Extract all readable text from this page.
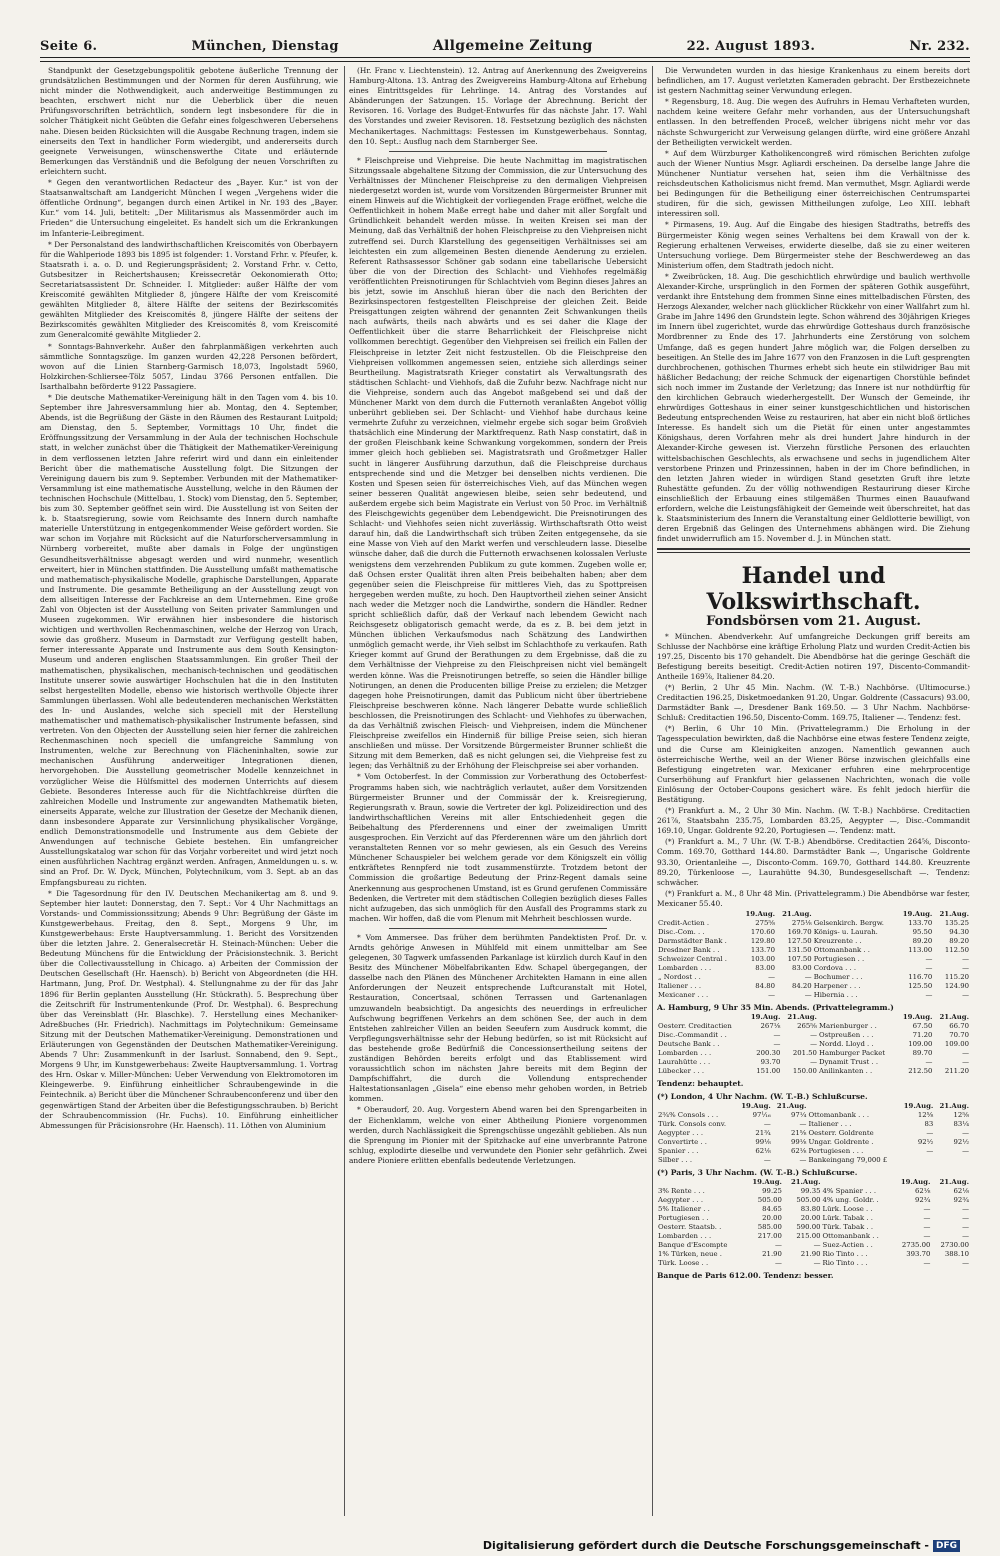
Seite 6.	München, Dienstag	Allgemeine Zeitung	22. August 1893.	Nr. 232.

Standpunkt der Gesetzgebungspolitik gebotene äußerliche Trennung der grundsätzlichen Bestimmungen und der Normen für deren Ausführung, wie nicht minder die Nothwendigkeit, auch anderweitige Bestimmungen zu beachten, erschwert nicht nur die Ueberblick über die neuen Prüfungsvorschriften beträchtlich, sondern legt insbesondere für die in solcher Thätigkeit nicht Geübten die Gefahr eines folgeschweren Uebersehens nahe. Diesen beiden Rücksichten will die Ausgabe Rechnung tragen, indem sie einerseits den Text in handlicher Form wiedergibt, und andererseits durch geeignete Verweisungen, wünschenswerthe Citate und erläuternde Bemerkungen das Verständniß und die Befolgung der neuen Vorschriften zu erleichtern sucht.

* Gegen den verantwortlichen Redacteur des „Bayer. Kur.“ ist von der Staatsanwaltschaft am Landgericht München I wegen „Vergehens wider die öffentliche Ordnung“, begangen durch einen Artikel in Nr. 193 des „Bayer. Kur.“ vom 14. Juli, betitelt: „Der Militarismus als Massenmörder auch im Frieden“ die Untersuchung eingeleitet. Es handelt sich um die Erkrankungen im Infanterie-Leibregiment.

* Der Personalstand des landwirthschaftlichen Kreiscomités von Oberbayern für die Wahlperiode 1893 bis 1895 ist folgender: 1. Vorstand Frhr. v. Pfeufer, k. Staatsrath i. a. o. D. und Regierungspräsident; 2. Vorstand Frhr. v. Cetto, Gutsbesitzer in Reichertshausen; Kreissecretär Oekonomierath Otto; Secretariatsassistent Dr. Schneider. I. Mitglieder: außer Hälfte der vom Kreiscomité gewählten Mitglieder 8, jüngere Hälfte der vom Kreiscomité gewählten Mitglieder 8, ältere Hälfte der seitens der Bezirkscomités gewählten Mitglieder des Kreiscomités 8, jüngere Hälfte der seitens der Bezirkscomités gewählten Mitglieder des Kreiscomités 8, vom Kreiscomité zum Generalcomité gewählte Mitglieder 2.

* Sonntags-Bahnverkehr. Außer den fahrplanmäßigen verkehrten auch sämmtliche Sonntagszüge. Im ganzen wurden 42,228 Personen befördert, wovon auf die Linien Starnberg-Garmisch 18,073, Ingolstadt 5960, Holzkirchen-Schliersee-Tölz 5057, Lindau 3766 Personen entfallen. Die Isarthalbahn beförderte 9122 Passagiere.

* Die deutsche Mathematiker-Vereinigung hält in den Tagen vom 4. bis 10. September ihre Jahresversammlung hier ab. Montag, den 4. September, Abends, ist die Begrüßung der Gäste in den Räumen des Restaurant Luitpold; am Dienstag, den 5. September, Vormittags 10 Uhr, findet die Eröffnungssitzung der Versammlung in der Aula der technischen Hochschule statt, in welcher zunächst über die Thätigkeit der Mathematiker-Vereinigung in dem verflossenen letzten Jahre referirt wird und dann ein einleitender Bericht über die mathematische Ausstellung folgt. Die Sitzungen der Vereinigung dauern bis zum 9. September. Verbunden mit der Mathematiker-Versammlung ist eine mathematische Ausstellung, welche in den Räumen der technischen Hochschule (Mittelbau, 1. Stock) vom Dienstag, den 5. September, bis zum 30. September geöffnet sein wird. Die Ausstellung ist von Seiten der k. b. Staatsregierung, sowie vom Reichsamte des Innern durch namhafte materielle Unterstützung in entgegenkommender Weise gefördert worden. Sie war schon im Vorjahre mit Rücksicht auf die Naturforscherversammlung in Nürnberg vorbereitet, mußte aber damals in Folge der ungünstigen Gesundheitsverhältnisse abgesagt werden und wird nunmehr, wesentlich erweitert, hier in München stattfinden. Die Ausstellung umfaßt mathematische und mathematisch-physikalische Modelle, graphische Darstellungen, Apparate und Instrumente. Die gesammte Betheiligung an der Ausstellung zeugt von dem allseitigen Interesse der Fachkreise an dem Unternehmen. Eine große Zahl von Objecten ist der Ausstellung von Seiten privater Sammlungen und Museen zugekommen. Wir erwähnen hier insbesondere die historisch wichtigen und werthvollen Rechenmaschinen, welche der Herzog von Urach, sowie das großherz. Museum in Darmstadt zur Verfügung gestellt haben, ferner interessante Apparate und Instrumente aus dem South Kensington-Museum und anderen englischen Staatssammlungen. Ein großer Theil der mathematischen, physikalischen, mechanisch-technischen und geodätischen Institute unserer sowie auswärtiger Hochschulen hat die in den Instituten selbst hergestellten Modelle, ebenso wie historisch werthvolle Objecte ihrer Sammlungen überlassen. Wohl alle bedeutenderen mechanischen Werkstätten des In- und Auslandes, welche sich speciell mit der Herstellung mathematischer und mathematisch-physikalischer Instrumente befassen, sind vertreten. Von den Objecten der Ausstellung seien hier ferner die zahlreichen Rechenmaschinen noch speciell die umfangreiche Sammlung von Instrumenten, welche zur Berechnung von Flächeninhalten, sowie zur mechanischen Ausführung anderweitiger Integrationen dienen, hervorgehoben. Die Ausstellung geometrischer Modelle kennzeichnet in vorzüglicher Weise die Hülfsmittel des modernen Unterrichts auf diesem Gebiete. Besonderes Interesse auch für die Nichtfachkreise dürften die zahlreichen Modelle und Instrumente zur angewandten Mathematik bieten, einerseits Apparate, welche zur Illustration der Gesetze der Mechanik dienen, dann insbesondere Apparate zur Versinnlichung physikalischer Vorgänge, endlich Demonstrationsmodelle und Instrumente aus dem Gebiete der Anwendungen auf technische Gebiete bestehen. Ein umfangreicher Ausstellungskatalog war schon für das Vorjahr vorbereitet und wird jetzt noch einen ausführlichen Nachtrag ergänzt werden. Anfragen, Anmeldungen u. s. w. sind an Prof. Dr. W. Dyck, München, Polytechnikum, vom 3. Sept. ab an das Empfangsbureau zu richten.

* Die Tagesordnung für den IV. Deutschen Mechanikertag am 8. und 9. September hier lautet: Donnerstag, den 7. Sept.: Vor 4 Uhr Nachmittags an Vorstands- und Commissionssitzung; Abends 9 Uhr: Begrüßung der Gäste im Kunstgewerbehaus. Freitag, den 8. Sept., Morgens 9 Uhr, im Kunstgewerbehaus: Erste Hauptversammlung. 1. Bericht des Vorsitzenden über die letzten Jahre. 2. Generalsecretär H. Steinach-München: Ueber die Bedeutung Münchens für die Entwicklung der Präcisionstechnik. 3. Bericht über die Collectivausstellung in Chicago. a) Arbeiten der Commission der Deutschen Gesellschaft (Hr. Haensch). b) Bericht von Abgeordneten (die HH. Hartmann, Jung, Prof. Dr. Westphal). 4. Stellungnahme zu der für das Jahr 1896 für Berlin geplanten Ausstellung (Hr. Stückrath). 5. Besprechung über die Zeitschrift für Instrumentenkunde (Prof. Dr. Westphal). 6. Besprechung über das Vereinsblatt (Hr. Blaschke). 7. Herstellung eines Mechaniker-Adreßbuches (Hr. Friedrich). Nachmittags im Polytechnikum: Gemeinsame Sitzung mit der Deutschen Mathematiker-Vereinigung. Demonstrationen und Erläuterungen von Gegenständen der Deutschen Mathematiker-Vereinigung. Abends 7 Uhr: Zusammenkunft in der Isarlust. Sonnabend, den 9. Sept., Morgens 9 Uhr, im Kunstgewerbehaus: Zweite Hauptversammlung. 1. Vortrag des Hrn. Oskar v. Miller-München: Ueber Verwendung von Elektromotoren im Kleingewerbe. 9. Einführung einheitlicher Schraubengewinde in die Feintechnik. a) Bericht über die Münchener Schraubenconferenz und über den gegenwärtigen Stand der Arbeiten über die Befestigungsschrauben. b) Bericht der Schraubencommission (Hr. Fuchs). 10. Einführung einheitlicher Abmessungen für Präcisionsrohre (Hr. Haensch). 11. Löthen von Aluminium

(Hr. Franc v. Liechtenstein). 12. Antrag auf Anerkennung des Zweigvereins Hamburg-Altona. 13. Antrag des Zweigvereins Hamburg-Altona auf Erhebung eines Eintrittsgeldes für Lehrlinge. 14. Antrag des Vorstandes auf Abänderungen der Satzungen. 15. Vorlage der Abrechnung. Bericht der Revisoren. 16. Vorlage des Budget-Entwurfes für das nächste Jahr. 17. Wahl des Vorstandes und zweier Revisoren. 18. Festsetzung bezüglich des nächsten Mechanikertages. Nachmittags: Festessen im Kunstgewerbehaus. Sonntag, den 10. Sept.: Ausflug nach dem Starnberger See.

* Fleischpreise und Viehpreise. Die heute Nachmittag im magistratischen Sitzungssaale abgehaltene Sitzung der Commission, die zur Untersuchung des Verhältnisses der Münchener Fleischpreise zu den dermaligen Viehpreisen niedergesetzt worden ist, wurde vom Vorsitzenden Bürgermeister Brunner mit einem Hinweis auf die Wichtigkeit der vorliegenden Frage eröffnet, welche die Oeffentlichkeit in hohem Maße erregt habe und daher mit aller Sorgfalt und Gründlichkeit behandelt werden müsse. In weiten Kreisen sei man der Meinung, daß das Verhältniß der hohen Fleischpreise zu den Viehpreisen nicht zutreffend sei. Durch Klarstellung des gegenseitigen Verhältnisses sei am leichtesten ein zum allgemeinen Besten dienende Aenderung zu erzielen. Referent Rathsassessor Schöner gab sodann eine tabellarische Uebersicht über die von der Direction des Schlacht- und Viehhofes regelmäßig veröffentlichten Preisnotirungen für Schlachtvieh vom Beginn dieses Jahres an bis jetzt, sowie im Anschluß hieran über die nach den Berichten der Bezirksinspectoren festgestellten Fleischpreise der gleichen Zeit. Beide Preisgattungen zeigten während der genannten Zeit Schwankungen theils nach aufwärts, theils nach abwärts und es sei daher die Klage der Oeffentlichkeit über die starre Beharrlichkeit der Fleischpreise nicht vollkommen berechtigt. Gegenüber den Viehpreisen sei freilich ein Fallen der Fleischpreise in letzter Zeit nicht festzustellen. Ob die Fleischpreise den Viehpreisen vollkommen angemessen seien, entziehe sich allerdings seiner Beurtheilung. Magistratsrath Krieger constatirt als Verwaltungsrath des städtischen Schlacht- und Viehhofs, daß die Zufuhr bezw. Nachfrage nicht nur die Viehpreise, sondern auch das Angebot maßgebend sei und daß der Münchener Markt von dem durch die Futternoth veranlaßten Angebot völlig unberührt geblieben sei. Der Schlacht- und Viehhof habe durchaus keine vermehrte Zufuhr zu verzeichnen, vielmehr ergebe sich sogar beim Großvieh thatsächlich eine Minderung der Marktfrequenz. Rath Nasp constatirt, daß in der großen Fleischbank keine Schwankung vorgekommen, sondern der Preis immer gleich hoch geblieben sei. Magistratsrath und Großmetzger Haller sucht in längerer Ausführung darzuthun, daß die Fleischpreise durchaus entsprechende sind und die Metzger bei denselben nichts verdienen. Die Kosten und Spesen seien für österreichisches Vieh, auf das München wegen seiner besseren Qualität angewiesen bleibe, seien sehr bedeutend, und außerdem ergebe sich beim Magistrate ein Verlust von 50 Proc. im Verhältniß des Fleischgewichts gegenüber dem Lebendgewicht. Die Preisnotirungen des Schlacht- und Viehhofes seien nicht zuverlässig. Wirthschaftsrath Otto weist darauf hin, daß die Landwirthschaft sich trüben Zeiten entgegensehe, da sie eine Masse von Vieh auf den Markt werfen und verschleudern lasse. Dieselbe wünsche daher, daß die durch die Futternoth erwachsenen kolossalen Verluste wenigstens dem verzehrenden Publikum zu gute kommen. Zugeben wolle er, daß Ochsen erster Qualität ihren alten Preis beibehalten haben; aber dem gegenüber seien die Fleischpreise für mittleres Vieh, das zu Spottpreisen hergegeben werden mußte, zu hoch. Den Hauptvortheil ziehen seiner Ansicht nach weder die Metzger noch die Landwirthe, sondern die Händler. Redner spricht schließlich dafür, daß der Verkauf nach lebendem Gewicht nach Reichsgesetz obligatorisch gemacht werde, da es z. B. bei dem jetzt in München üblichen Verkaufsmodus nach Schätzung des Landwirthen unmöglich gemacht werde, ihr Vieh selbst im Schlachthofe zu verkaufen. Rath Krieger kommt auf Grund der Berathungen zu dem Ergebnisse, daß die zu dem Verhältnisse der Viehpreise zu den Fleischpreisen nicht viel bemängelt werden könne. Was die Preisnotirungen betreffe, so seien die Händler billige Notirungen, an denen die Producenten billige Preise zu erzielen; die Metzger dagegen hohe Preisnotirungen, damit das Publicum nicht über übertriebene Fleischpreise beschweren könne. Nach längerer Debatte wurde schließlich beschlossen, die Preisnotirungen des Schlacht- und Viehhofes zu überwachen, da das Verhältniß zwischen Fleisch- und Viehpreisen, indem die Münchener Fleischpreise zweifellos ein Hinderniß für billige Preise seien, sich hieran anschließen und müsse. Der Vorsitzende Bürgermeister Brunner schließt die Sitzung mit dem Bemerken, daß es nicht gelungen sei, die Viehpreise fest zu legen; das Verhältniß zu der Erhöhung der Fleischpreise sei aber vorhanden.

* Vom Octoberfest. In der Commission zur Vorberathung des Octoberfest-Programms haben sich, wie nachträglich verlautet, außer dem Vorsitzenden Bürgermeister Brunner und der Commissär der k. Kreisregierung, Regierungsrath v. Braun, sowie die Vertreter der kgl. Polizeidirection und des landwirthschaftlichen Vereins mit aller Entschiedenheit gegen die Beibehaltung des Pferderennens und einer der zweimaligen Umritt ausgesprochen. Ein Verzicht auf das Pferderennen wäre um den jährlich dort veranstalteten Rennen vor so mehr gewiesen, als ein Gesuch des Vereins Münchener Schauspieler bei welchem gerade vor dem Königszelt ein völlig entkräftetes Rennpferd nie todt zusammenstürzte. Trotzdem betont der Commission die großartige Bedeutung der Prinz-Regent damals seine Anerkennung aus gesprochenen Umstand, ist es Grund gerufenen Commissäre Bedenken, die Vertreter mit dem städtischen Collegien bezüglich dieses Falles nicht aufzugeben, das sich unmöglich für den Ausfall des Programms stark zu machen. Wir hoffen, daß die vom Plenum mit Mehrheit beschlossen wurde.

* Vom Ammersee. Das früher dem berühmten Pandektisten Prof. Dr. v. Arndts gehörige Anwesen in Mühlfeld mit einem unmittelbar am See gelegenen, 30 Tagwerk umfassenden Parkanlage ist kürzlich durch Kauf in den Besitz des Münchener Möbelfabrikanten Edw. Schapel übergegangen, der dasselbe nach den Plänen des Münchener Architekten Hamann in eine allen Anforderungen der Neuzeit entsprechende Luftcuranstalt mit Hotel, Restauration, Concertsaal, schönen Terrassen und Gartenanlagen umzuwandeln beabsichtigt. Da angesichts des neuerdings in erfreulicher Aufschwung begriffenen Verkehrs an dem schönen See, der auch in dem Entstehen zahlreicher Villen an beiden Seeufern zum Ausdruck kommt, die Verpflegungsverhältnisse sehr der Hebung bedürfen, so ist mit Rücksicht auf das bestehende große Bedürfniß die Concessionsertheilung seitens der zuständigen Behörden bereits erfolgt und das Etablissement wird voraussichtlich schon im nächsten Jahre bereits mit dem Beginn der Dampfschiffahrt, die durch die Vollendung entsprechender Haltestationsanlagen „Gisela“ eine ebenso mehr gehoben worden, in Betrieb kommen.

* Oberaudorf, 20. Aug. Vorgestern Abend waren bei den Sprengarbeiten in der Eichenklamm, welche von einer Abtheilung Pioniere vorgenommen werden, durch Nachlässigkeit die Sprengschüsse ungezählt geblieben. Als nun die Sprengung im Pionier mit der Spitzhacke auf eine unverbrannte Patrone schlug, explodirte dieselbe und verwundete den Pionier sehr gefährlich. Zwei andere Pioniere erlitten ebenfalls bedeutende Verletzungen.

Die Verwundeten wurden in das hiesige Krankenhaus zu einem bereits dort befindlichen, am 17. August verletzten Kameraden gebracht. Der Erstbezeichnete ist gestern Nachmittag seiner Verwundung erlegen.

* Regensburg, 18. Aug. Die wegen des Aufruhrs in Hemau Verhafteten wurden, nachdem keine weitere Gefahr mehr vorhanden, aus der Untersuchungshaft entlassen. In den betreffenden Proceß, welcher übrigens nicht mehr vor das nächste Schwurgericht zur Verweisung gelangen dürfte, wird eine größere Anzahl der Betheiligten verwickelt werden.

* Auf dem Würzburger Katholikencongreß wird römischen Berichten zufolge auch der Wiener Nuntius Msgr. Agliardi erscheinen. Da derselbe lange Jahre die Münchener Nuntiatur versehen hat, seien ihm die Verhältnisse des reichsdeutschen Katholicismus nicht fremd. Man vermuthet, Msgr. Agliardi werde bei Bedingungen für die Betheiligung einer österreichischen Centrumspartei studiren, für die sich, gewissen Mittheilungen zufolge, Leo XIII. lebhaft interessiren soll.

* Pirmasens, 19. Aug. Auf die Eingabe des hiesigen Stadtraths, betreffs des Bürgermeister König wegen seines Verhaltens bei dem Krawall von der k. Regierung erhaltenen Verweises, erwiderte dieselbe, daß sie zu einer weiteren Untersuchung vorliege. Dem Bürgermeister stehe der Beschwerdeweg an das Ministerium offen, dem Stadtrath jedoch nicht.

* Zweibrücken, 18. Aug. Die geschichtlich ehrwürdige und baulich werthvolle Alexander-Kirche, ursprünglich in den Formen der späteren Gothik ausgeführt, verdankt ihre Entstehung dem frommen Sinne eines mittelbadischen Fürsten, des Herzogs Alexander, welcher nach glücklicher Rückkehr von einer Wallfahrt zum hl. Grabe im Jahre 1496 den Grundstein legte. Schon während des 30jährigen Krieges im Innern übel zugerichtet, wurde das ehrwürdige Gotteshaus durch französische Mordbrenner zu Ende des 17. Jahrhunderts eine Zerstörung von solchem Umfange, daß es gegen hundert Jahre möglich war, die Folgen derselben zu beseitigen. An Stelle des im Jahre 1677 von den Franzosen in die Luft gesprengten durchbrochenen, gothischen Thurmes erhebt sich heute ein stilwidriger Bau mit häßlicher Bedachung; der reiche Schmuck der eigenartigen Chorstühle befindet sich noch immer im Zustande der Verletzung; das Innere ist nur nothdürftig für den kirchlichen Gebrauch wiederhergestellt. Der Wunsch der Gemeinde, ihr ehrwürdiges Gotteshaus in einer seiner kunstgeschichtlichen und historischen Bedeutung entsprechenden Weise zu restauriren, hat aber ein nicht bloß örtliches Interesse. Es handelt sich um die Pietät für einen unter angestammtes Königshaus, deren Vorfahren mehr als drei hundert Jahre hindurch in der Alexander-Kirche gewesen ist. Vierzehn fürstliche Personen des erlauchten wittelsbachischen Geschlechts, als erwachsene und sechs in jugendlichem Alter verstorbene Prinzen und Prinzessinnen, haben in der im Chore befindlichen, in den letzten Jahren wieder in würdigen Stand gesetzten Gruft ihre letzte Ruhestätte gefunden. Zu der völlig nothwendigen Restaurirung dieser Kirche einschließlich der Erbauung eines stilgemäßen Thurmes einen Bauaufwand erfordern, welche die Leistungsfähigkeit der Gemeinde weit überschreitet, hat das k. Staatsministerium des Innern die Veranstaltung einer Geldlotterie bewilligt, von deren Ergebniß das Gelingen des Unternehmens abhängen wird. Die Ziehung findet unwiderruflich am 15. November d. J. in München statt.

Handel und Volkswirthschaft.
Fondsbörsen vom 21. August.

* München. Abendverkehr. Auf umfangreiche Deckungen griff bereits am Schlusse der Nachbörse eine kräftige Erholung Platz und wurden Credit-Actien bis 197.25, Discento bis 170 gehandelt. Die Abendbörse hat die geringe Geschäft die Befestigung bereits beseitigt. Credit-Actien notiren 197, Discento-Commandit-Antheile 169⅞, Italiener 84.20.

(*) Berlin, 2 Uhr 45 Min. Nachm. (W. T.-B.) Nachbörse. (Ultimocurse.) Creditactien 196.25, Disketmoedanken 91.20, Ungar. Goldrente (Cassacurs) 93.00, Darmstädter Bank —, Dresdener Bank 169.50. — 3 Uhr Nachm. Nachbörse-Schluß: Creditactien 196.50, Discento-Comm. 169.75, Italiener —. Tendenz: fest.

(*) Berlin, 6 Uhr 10 Min. (Privattelegramm.) Die Erholung in der Tagesspeculation bewirkten, daß die Nachbörse eine etwas festere Tendenz zeigte, und die Curse am Kleinigkeiten anzogen. Namentlich gewannen auch österreichische Werthe, weil an der Wiener Börse inzwischen gleichfalls eine Befestigung eingetreten war. Mexicaner erfuhren eine mehrprocentige Curserhöhung auf Frankfurt hier gelassenen Nachrichten, wonach die volle Einlösung der October-Coupons gesichert wäre. Es fehlt jedoch hierfür die Bestätigung.

(*) Frankfurt a. M., 2 Uhr 30 Min. Nachm. (W. T.-B.) Nachbörse. Creditactien 261⅞, Staatsbahn 235.75, Lombarden 83.25, Aegypter —, Disc.-Commandit 169.10, Ungar. Goldrente 92.20, Portugiesen —. Tendenz: matt.

(*) Frankfurt a. M., 7 Uhr. (W. T.-B.) Abendbörse. Creditactien 264⅝, Disconto-Comm. 169.70, Gotthard 144.80. Darmstädter Bank —, Ungarische Goldrente 93.30, Orientanleihe —, Disconto-Comm. 169.70, Gotthard 144.80. Kreuzrente 89.20, Türkenloose —, Laurahütte 94.30, Bundesgesellschaft —. Tendenz: schwächer.

(*) Frankfurt a. M., 8 Uhr 48 Min. (Privattelegramm.) Die Abendbörse war fester, Mexicaner 55.40.

	19.Aug.	21.Aug.		19.Aug.	21.Aug.
Credit-Actien .	275⅝	275⅛	Gelsenkirch. Bergw.	133.70	135.25
Disc.-Com. . .	170.60	169.70	Königs- u. Laurah.	95.50	94.30
Darmstädter Bank .	129.80	127.50	Kreuzrente . .	89.20	89.20
Dresdner Bank . .	133.70	131.50	Ottomanbank . .	113.00	112.50
Schweizer Central .	103.00	107.50	Portugiesen . .	—	—
Lombarden . . .	83.00	83.00	Cordova . . .	—	—
„ Nordost . .	—	—	Bochumer . . .	116.70	115.20
Italiener . . .	84.80	84.20	Harpener . . .	125.50	124.90
Mexicaner . . .	—	—	Hibernia . . .	—	—
A. Hamburg, 9 Uhr 35 Min. Abends. (Privattelegramm.)
	19.Aug.	21.Aug.		19.Aug.	21.Aug.
Oesterr. Creditactien	267⅛	265⅝	Marienburger . .	67.50	66.70
Disc.-Commandit . .	—	—	Ostpreußen . . .	71.20	70.70
Deutsche Bank . .	—	—	Nordd. Lloyd . .	109.00	109.00
Lombarden . . .	200.30	201.50	Hamburger Packet	89.70	—
Laurahütte . . .	93.70	—	Dynamit Trust . .	—	—
Lübecker . . .	151.00	150.00	Anilinkanten . .	212.50	211.20
Tendenz: behauptet.
(*) London, 4 Uhr Nachm. (W. T.-B.) Schlußcurse.
	19.Aug.	21.Aug.		19.Aug.	21.Aug.
2¾% Consols . . .	97¹⁄₁₆	97¼	Ottomanbank . . .	12⅝	12⅝
Türk. Consols conv.	—	—	Italiener . . .	83	83¼
Aegypter . . .	21¾	21⅝	Oesterr. Goldrente	—	—
Convertirte . .	99⅛	99⅛	Ungar. Goldrente .	92½	92½
Spanier . . .	62⅛	62⅛	Portugiesen . . .	—	—
Silber . . .	—	—	Bankeingang 79,000 £		
(*) Paris, 3 Uhr Nachm. (W. T.-B.) Schlußcurse.
	19.Aug.	21.Aug.		19.Aug.	21.Aug.
3% Rente . . .	99.25	99.35	4% Spanier . . .	62⅛	62⅛
Aegypter . . .	505.00	505.00	4% ung. Goldr. .	92¾	92¾
5% Italiener . .	84.65	83.80	Lürk. Loose . .	—	—
Portugiesen . .	20.00	20.00	Lürk. Tabak . .	—	—
Oesterr. Staatsb. .	585.00	590.00	Türk. Tabak . .	—	—
Lombarden . . .	217.00	215.00	Ottomanbank . .	—	—
Banque d'Escompte	—	—	Suez-Actien . .	2735.00	2730.00
1% Türken, neue .	21.90	21.90	Rio Tinto . . .	393.70	388.10
Türk. Loose . .	—	—	Rio Tinto . . .	—	—
Banque de Paris 612.00. Tendenz: besser.
Digitalisierung gefördert durch die Deutsche Forschungsgemeinschaft - DFG
